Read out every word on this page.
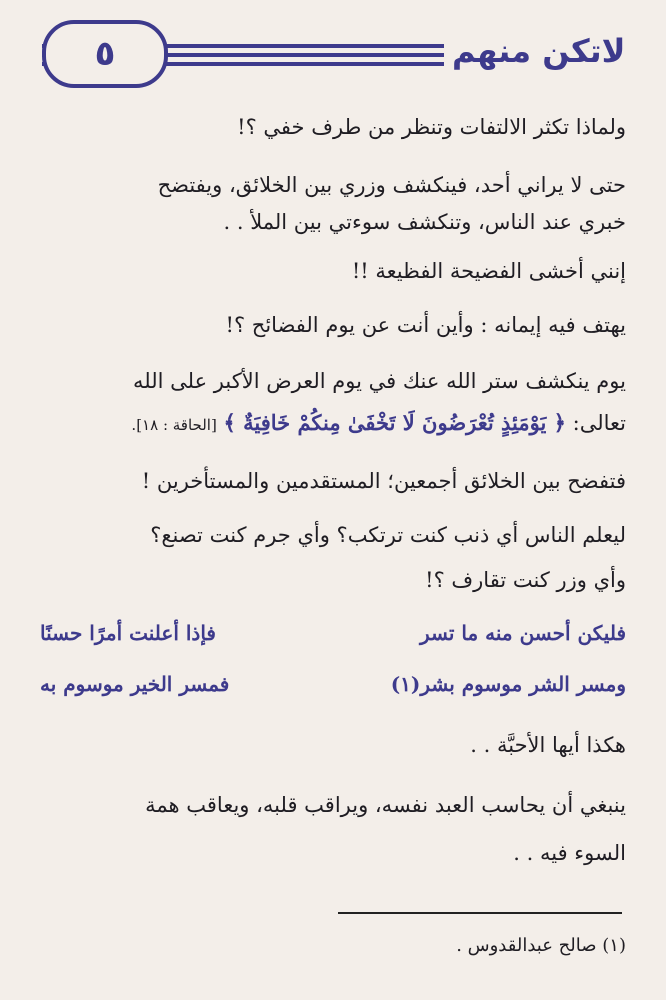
٥	لاتكن منهم
ولماذا تكثر الالتفات وتنظر من طرف خفي ؟!
حتى لا يراني أحد، فينكشف وزري بين الخلائق، ويفتضح
خبري عند الناس، وتنكشف سوءتي بين الملأ . .
إنني أخشى الفضيحة الفظيعة !!
يهتف فيه إيمانه : وأين أنت عن يوم الفضائح ؟!
يوم ينكشف ستر الله عنك في يوم العرض الأكبر على الله
تعالى: ﴿ يَوْمَئِذٍ تُعْرَضُونَ لَا تَخْفَىٰ مِنكُمْ خَافِيَةٌ ﴾ [الحاقة : ١٨].
فتفضح بين الخلائق أجمعين؛ المستقدمين والمستأخرين !
ليعلم الناس أي ذنب كنت ترتكب؟ وأي جرم كنت تصنع؟
وأي وزر كنت تقارف ؟!
فإذا أعلنت أمرًا حسنًا	فليكن أحسن منه ما تسر
فمسر الخير موسوم به	ومسر الشر موسوم بشر(١)
هكذا أيها الأحبَّة . .
ينبغي أن يحاسب العبد نفسه، ويراقب قلبه، ويعاقب همة
السوء فيه . .
(١) صالح عبدالقدوس .
